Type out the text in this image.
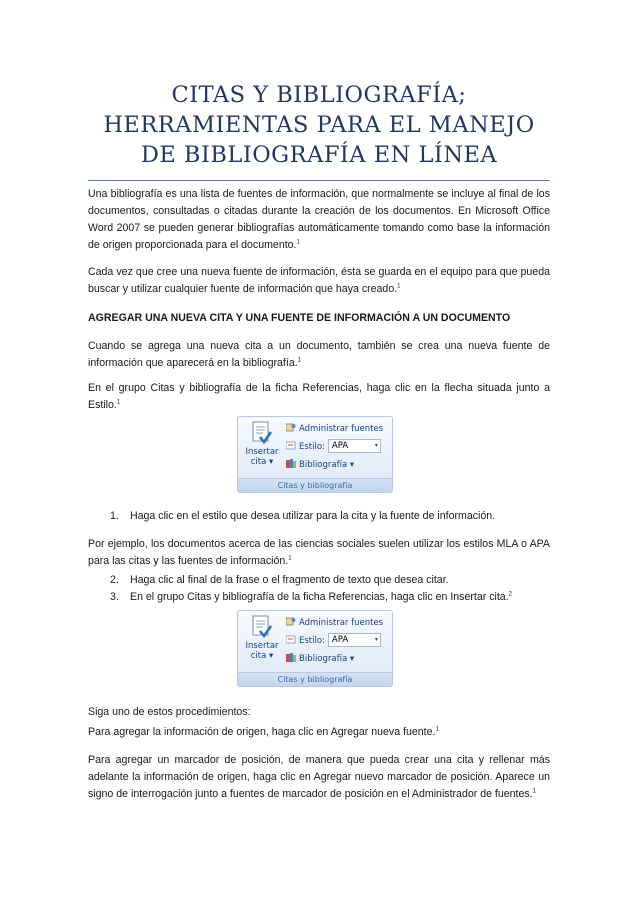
CITAS Y BIBLIOGRAFÍA;
HERRAMIENTAS PARA EL MANEJO
DE BIBLIOGRAFÍA EN LÍNEA
Una bibliografía es una lista de fuentes de información, que normalmente se incluye al final de los documentos, consultadas o citadas durante la creación de los documentos. En Microsoft Office Word 2007 se pueden generar bibliografías automáticamente tomando como base la información de origen proporcionada para el documento.$^1$
Cada vez que cree una nueva fuente de información, ésta se guarda en el equipo para que pueda buscar y utilizar cualquier fuente de información que haya creado.$^1$
AGREGAR UNA NUEVA CITA Y UNA FUENTE DE INFORMACIÓN A UN DOCUMENTO
Cuando se agrega una nueva cita a un documento, también se crea una nueva fuente de información que aparecerá en la bibliografía.$^1$
En el grupo Citas y bibliografía de la ficha Referencias, haga clic en la flecha situada junto a Estilo.$^1$
Insertar
cita ▾
Administrar fuentes
Estilo: APA	▾
Bibliografía ▾
Citas y bibliografía
1. Haga clic en el estilo que desea utilizar para la cita y la fuente de información.
Por ejemplo, los documentos acerca de las ciencias sociales suelen utilizar los estilos MLA o APA para las citas y las fuentes de información.$^1$
2. Haga clic al final de la frase o el fragmento de texto que desea citar.
3. En el grupo Citas y bibliografía de la ficha Referencias, haga clic en Insertar cita.$^2$
Insertar
cita ▾
Administrar fuentes
Estilo: APA	▾
Bibliografía ▾
Citas y bibliografía
Siga uno de estos procedimientos:
Para agregar la información de origen, haga clic en Agregar nueva fuente.$^1$
Para agregar un marcador de posición, de manera que pueda crear una cita y rellenar más adelante la información de origen, haga clic en Agregar nuevo marcador de posición. Aparece un signo de interrogación junto a fuentes de marcador de posición en el Administrador de fuentes.$^1$
